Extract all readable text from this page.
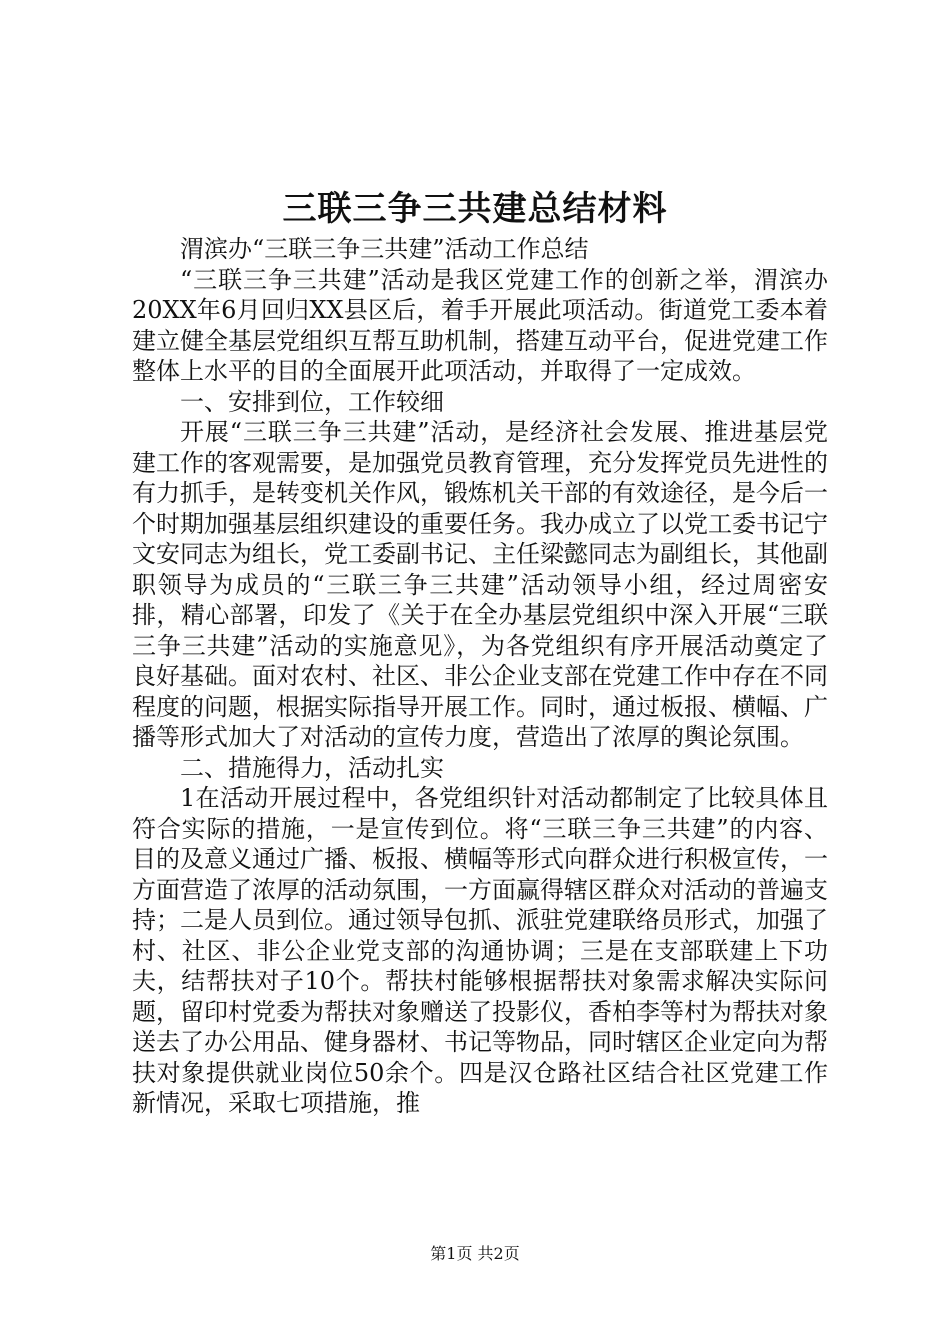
三联三争三共建总结材料

渭滨办“三联三争三共建”活动工作总结

“三联三争三共建”活动是我区党建工作的创新之举，渭滨办20XX年6月回归XX县区后，着手开展此项活动。街道党工委本着建立健全基层党组织互帮互助机制，搭建互动平台，促进党建工作整体上水平的目的全面展开此项活动，并取得了一定成效。

一、安排到位，工作较细

开展“三联三争三共建”活动，是经济社会发展、推进基层党建工作的客观需要，是加强党员教育管理，充分发挥党员先进性的有力抓手，是转变机关作风，锻炼机关干部的有效途径，是今后一个时期加强基层组织建设的重要任务。我办成立了以党工委书记宁文安同志为组长，党工委副书记、主任梁懿同志为副组长，其他副职领导为成员的“三联三争三共建”活动领导小组，经过周密安排，精心部署，印发了《关于在全办基层党组织中深入开展“三联三争三共建”活动的实施意见》，为各党组织有序开展活动奠定了良好基础。面对农村、社区、非公企业支部在党建工作中存在不同程度的问题，根据实际指导开展工作。同时，通过板报、横幅、广播等形式加大了对活动的宣传力度，营造出了浓厚的舆论氛围。

二、措施得力，活动扎实

1在活动开展过程中，各党组织针对活动都制定了比较具体且符合实际的措施，一是宣传到位。将“三联三争三共建”的内容、目的及意义通过广播、板报、横幅等形式向群众进行积极宣传，一方面营造了浓厚的活动氛围，一方面赢得辖区群众对活动的普遍支持；二是人员到位。通过领导包抓、派驻党建联络员形式，加强了村、社区、非公企业党支部的沟通协调；三是在支部联建上下功夫，结帮扶对子10个。帮扶村能够根据帮扶对象需求解决实际问题，留印村党委为帮扶对象赠送了投影仪，香柏李等村为帮扶对象送去了办公用品、健身器材、书记等物品，同时辖区企业定向为帮扶对象提供就业岗位50余个。四是汉仓路社区结合社区党建工作新情况，采取七项措施，推

第1页 共2页
